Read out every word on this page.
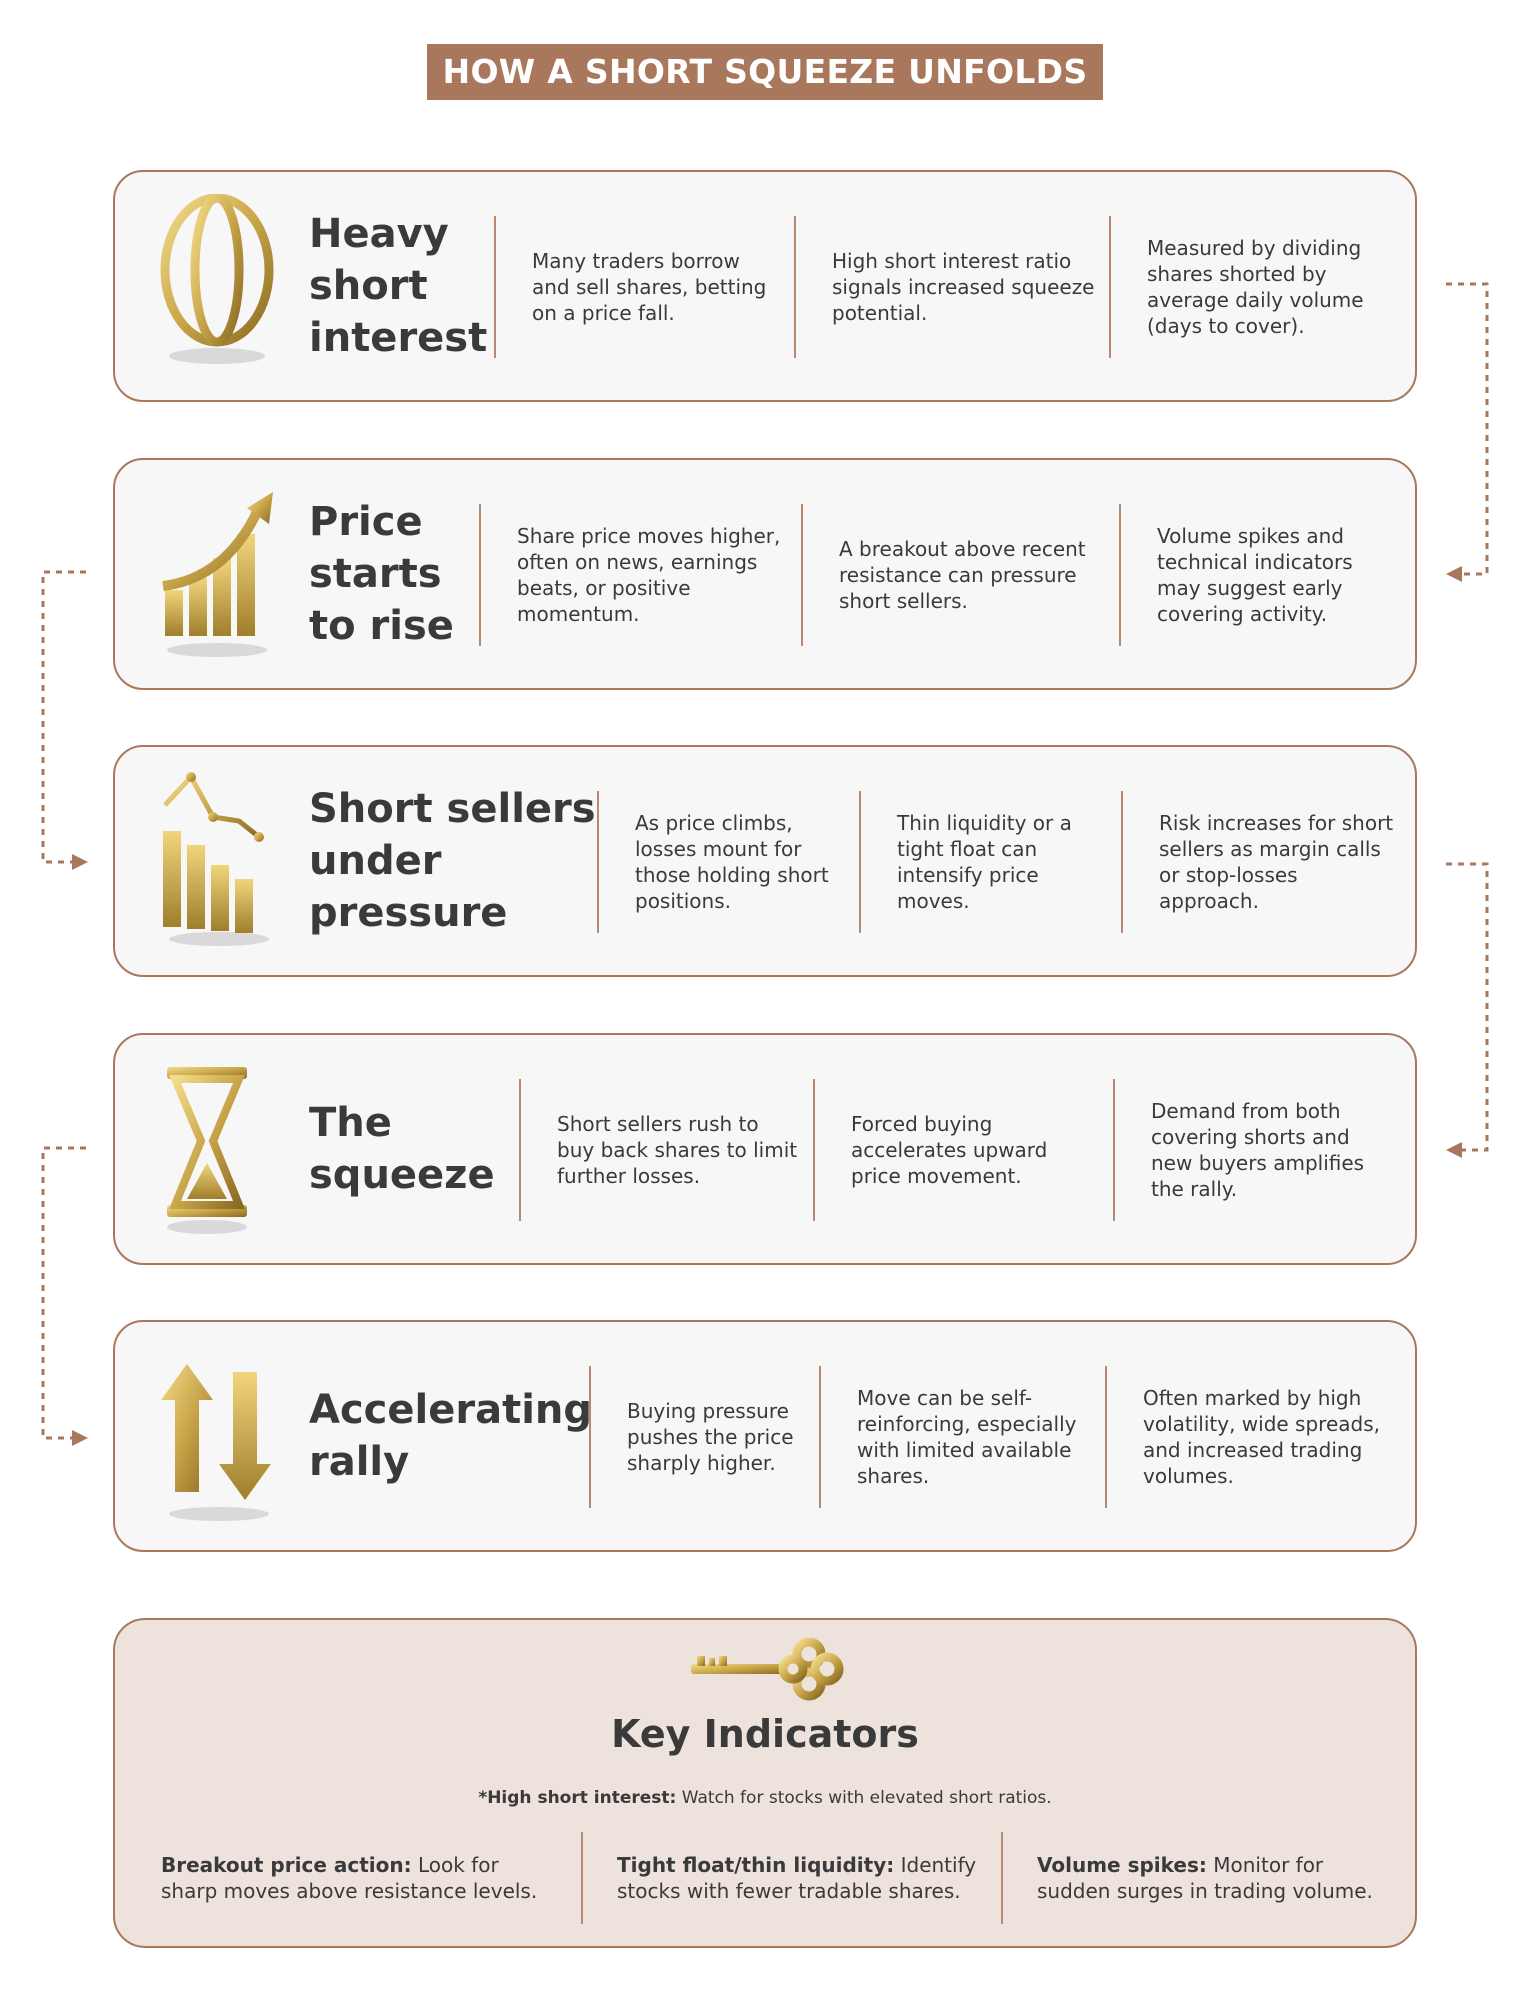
HOW A SHORT SQUEEZE UNFOLDS
Heavy
short
interest
Many traders borrow and sell shares, betting on a price fall.
High short interest ratio signals increased squeeze potential.
Measured by dividing shares shorted by average daily volume (days to cover).
Price
starts
to rise
Share price moves higher, often on news, earnings beats, or positive momentum.
A breakout above recent resistance can pressure short sellers.
Volume spikes and technical indicators may suggest early covering activity.
Short sellers
under
pressure
As price climbs, losses mount for those holding short positions.
Thin liquidity or a tight float can intensify price moves.
Risk increases for short sellers as margin calls or stop-losses approach.
The
squeeze
Short sellers rush to buy back shares to limit further losses.
Forced buying accelerates upward price movement.
Demand from both covering shorts and new buyers amplifies the rally.
Accelerating
rally
Buying pressure pushes the price sharply higher.
Move can be self-reinforcing, especially with limited available shares.
Often marked by high volatility, wide spreads, and increased trading volumes.
Key Indicators
*High short interest: Watch for stocks with elevated short ratios.
Breakout price action: Look for sharp moves above resistance levels.
Tight float/thin liquidity: Identify stocks with fewer tradable shares.
Volume spikes: Monitor for sudden surges in trading volume.
